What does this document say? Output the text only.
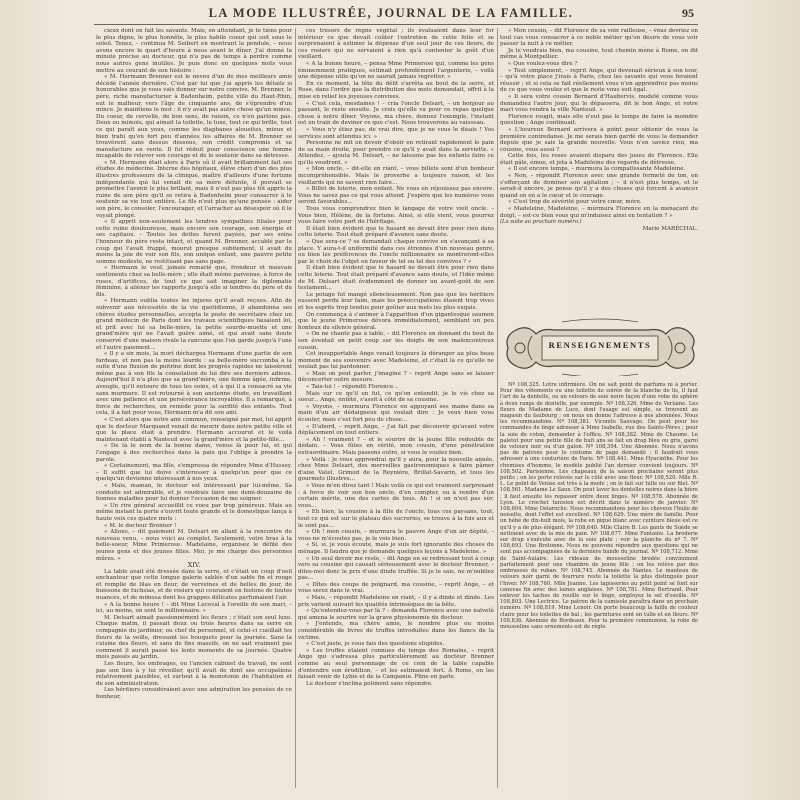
LA MODE ILLUSTRÉE, JOURNAL DE LA FAMILLE.	95

cieux dont on fait les savants. Mais, en attendant, je te tiens pour le plus digne, le plus honnête, le plus habile coeur qui soit sous le soleil. Tenez, – continua M. Seibert en montrant la pendule, – nous avons encore le quart d'heure à nous avant le dîner. J'ai donné la minute précise au docteur, qui n'a pas de temps à perdre comme nous autres gens inutiles. Je puis donc en quelques mots vous mettre au courant de son histoire :

« M. Hermann Brenner est le neveu d'un de mes meilleurs amis décédé l'année dernière. C'est par lui que j'ai appris les détails si honorables que je vous vais donner sur notre convive. M. Brenner, le père, riche manufacturier à Badenheim, petite ville du Haut-Rhin, eut le malheur, vers l'âge de cinquante ans, de s'éprendre d'un mince. Je maintiens le mot : il n'y avait pas autre chose qu'un mince. Du coeur, de cervelle, de bon sens, de raison, ce n'en parlons pas. Deux ou mimois, qui aimait la toilette, le luxe, tout ce qui brille, tout ce qui paraît aux yeux, comme les diaphanes alouettes, mieux et bien trahi qu'en fort peu d'années les affaires de M. Brenner se trouvèrent sans dessus dessous, son crédit compromis et sa manufacture en vente. Il fut réduit pour conscience une femme incapable de relever son courage et de le soutenir dans sa détresse.

« M. Hermann était alors à Paris où il avait brillamment fait ses études de médecine. Interne des hôpitaux, élève cheri d'un des plus illustres professeurs de la clinique, maître d'ailleurs d'une fortune indépendante qui lui venait de sa mère défunte, il pouvait se promettre l'avenir le plus brillant, mais il n'eut pas plus tôt appris la ruine de son père qu'il se retira à Badenheim pour consacrer à le soutenir sa vie tout entière. Le fils n'eut plus qu'une pensée : aider son père, le consoler, l'encourager, et l'arracher au désespoir où il le voyait plongé.

« Il apprit non-seulement les tendres sympathies filiales pour cette ruine douloureuse, mais encore son courage, son énergie et ses capitaux. – Toutes les dettes furent payées, par ses soins l'honneur du père resta intact, et quand M. Brenner, accablé par le coup qui l'avait frappé, mourut presque subitement, il avait du moins la joie de voir son fils, son unique enfant, une pauvre petite somme modeste, ne restituant pas sans gage.

« Hermann le veuf, jamais remarié que, frondeur et mauvais sentiments chez sa belle-mère ; elle était même parvenue, à force de ruses, d'artifices, de tout ce que sait imaginer la diplomatie féminine, à aliéner les rapports jusqu'à elle si tendres du père et du fils.

« Hermann oublia toutes les injures qu'il avait reçues. Afin de subvenir aux nécessités de la vie quotidienne, il abandonna ses chères études personnelles, accepta le poste de secrétaire chez un grand médecin de Paris dont les travaux scientifiques faisaient loi, et prit avec lui sa belle-mère, la petite sourde-muette et une grand'mère qui ne l'avait guère aimé, et qui avait sans doute conservé d'une maison rivale la rancune que l'on garde jusqu'à l'une et l'autre paiement...

« Il y a six mois, la mort déchargea Hermann d'une partie de son fardeau, et non pas la moins lourde : sa belle-mère succomba à la suite d'une fluxion de poitrine dont les progrès rapides ne laissèrent même pas à son fils la consolation de lui dire ses derniers adieux. Aujourd'hui il n'a plus que sa grand'mère, une femme âgée, infirme, aveugle, qu'il entoure de tous les soins, et à qui il a consacré sa vie sans murmure. Il est retourné à son ancienne étude, en travaillant avec une patience et une persévérance incroyables. Il a remarqué, à force de recherches, un remède pour la surdité des enfants. Tout cela, il a fait pour vous, Hermann m'a dit son ami.

« C'est alors que notre ami commun, renseigné par moi, lui apprit que le docteur Marquand venait de mourir dans notre petite ville et que la place était à prendre. Hermann accourut et le voilà maintenant établi à Nanteuil avec la grand'mère et la petite-fille...

« De là le nom de la bonne dame, venue là pour lui, et qui l'engage à des recherches dans la paix qui l'oblige à prendre la parole.

« Certainement, ma fille, s'empressa de répondre Mme d'Hussey. – Il suffit que lui doive s'intéresser à quelqu'un pour que ce quelqu'un devienne intéressant à nos yeux.

« Mais, maman, le docteur est intéressant par lui-même. Sa conduite est admirable, et je voudrais faire une demi-douzaine de bonnes maladies pour lui donner l'occasion de me soigner.

« Un rire général accueillit ce voeu par trop généreux. Mais au même instant la porte s'ouvrit toute grande et le domestique lança à haute voix ces quatre mots :

« M. le docteur Brenner !

« Allons, – dit gaiement M. Delsart en allant à la rencontre du nouveau venu, – nous voici au complet. Seulement, votre bras à la belle-soeur, Mme Primerose. Madelaine, organisez le défilé des jeunes gens et des jeunes filles. Moi, je me charge des personnes mûres. »

XIV.

La table avait été dressée dans la serre, et c'était un coup d'oeil enchanteur que cette longue galerie sablée d'un sable fin et rouge et remplie de lilas en fleur, de verveines et de belles de jour, de buissons de fuchsias, et de rosiers qui couraient en festons de toutes nuances, et de mimosa dont les grappes délicates parfumaient l'air.

« A la bonne heure ! – dit Mme Luceval à l'oreille de son mari, – ici, au moins, on sent le millionnaire. »

M. Delsart aimait passionnément les fleurs ; c'était son seul luxe. Chaque matin, il passait deux ou trois heures dans sa serre en compagnie du jardinier, ou chef du personnel, et celui-ci cueillait les fleurs de la veille, dressant les bouquets pour la journée. Sans la cuisine des fleurs, et sans de fins massifs, on ne sait vraiment pas comment il aurait passé les lents moments de sa journée. Quatre mois passés au jardin.

Les fleurs, les ombrages, ou l'ancien cabinet de travail, ne sont pas son lieu à y lui réveiller, qu'il avait de dont ses occupations relativement paisibles, et surtout à la monotonie de l'habitation et de son administration.

Les héritiers considéraient avec une admiration les pensées de ce bonheur,

ces trésors de régne végétal ; ils évaluaient dans leur for intérieur ce que devait coûter l'entretien de cette folie et se surprenaient à estimer la dépense d'un seul jour de ces fleurs, de ces rosiers qui ne servaient à rien qu'à contenter le goût d'un vieillard.

« A la bonne heure, – pensa Mme Primerose qui, comme les gens éminemment pratiques, estimait profondément l'argenterie, – voilà une dépense utile qu'on ne saurait jamais regretter. »

En ce moment, la tête du délit s'arrêta au bout de la serre, et Rose, dans l'ordre que la distribution des mets demandait, offrit à la mise en relief les joyeuses convives.

« C'est cela, mesdames ! – cria l'oncle Delsart, – un bonjour au passant, le reste ensuite. Je crois qu'elle va pour ce repas quelque chose à notre dîner. Voyons, ma chère, donnez l'exemple, l'instant est en train de deviner ce que c'est. Nous trouverons au vaisseau.

« Vous n'y étiez pas, de vrai dire, que je ne vous le disais ! Vos services sont attendus ici. »

Personne ne mit en devoir d'obéir en retirant rapidement le pain de sa main droite, pour prendre ce qu'il y avait dans la serviette. « Attendez, – ajouta M. Delsart, – ne laissons pas les enfants faire ce qu'ils voudront. »

« Mon oncle, – dit-elle en riant, – vous billets sont d'un bonheur incompréhensible. Mais le proverbe a toujours raison, et les vieillards qui ne savent rien faire...

« Billet de loterie, mon enfant. Ne vous en réjouissez pas encore. Vous ne savez pas ce qui vous attend. J'espère que les numéros vous seront favorables...

Tous vous comprendrez bien le langage de votre vieil oncle. – Vous bien, Hélène, de la fortune. Ainsi, si elle vient, vous pourrez vous faire votre part de l'héritage.

Il était bien évident que le hasard ne devait être pour rien dans cette loterie. Tout était préparé d'avance sans doute.

« Que sera-ce ? se demandait chaque convive en s'avançant à sa place. Y aura-t-il uniformité dans ces étrennes d'un nouveau genre, ou bien les préférences de l'oncle millionnaire se montreront-elles par le choix de l'objet en faveur de tel ou tel des convives ? »

Il était bien évident que le hasard ne devait être pour rien dans cette loterie. Tout était préparé d'avance sans doute, et l'idée même de M. Delsart était évidemment de donner un avant-goût de son testament...

Le potage fut mangé silencieusement. Non pas que les héritiers eussent perdu leur faim, mais les préoccupations étaient trop vives et les esprits trop tendus pour goûter aux mets les plus exquis.

On commença à s'animer à l'apparition d'un gigantesque saumon que le jeune Primerose dévora immédiatement, semblant un peu honteux du silence général.

« On ne chante pas à table, – dit Florence en donnant du bout de son éventail un petit coup sur les doigts de son malencontreux cousin.

Cet insupportable Ange venait toujours la déranger au plus beau moment de ses souvenirs avec Madeleine, et c'était là ce qu'elle ne voulait pas lui pardonner.

« Mais on peut parler, j'imagine ? – reprit Ange sans se laisser déconcerter outre mesure.

« Tais-toi ! – répondit Florence...

Mais sur ce qu'il en fut, ce qu'on entendit, je le vis chez sa soeur... Ange, entêté, s'assit à côté de sa cousine.

« Voyons, – murmura Florence en appuyant ses mains dans sa main d'un air dédaigneux qui voulait dire : Je veux bien vous écouter, mais c'est fort peu de chose...

« D'abord, – reprit Ange, – j'ai fait par découvrir qu'avant votre déplacement on tout entiers.

« Ah ! vraiment ? – et le sourire de la jeune fille redouble de dédain. – Vous fûtes en vérité, mon cousin, d'une pénétration extraordinaire. Mais passons outre, si vous le voulez bien.

« Voilà : je vous apprendrai qu'il y aura, pour la nouvelle année, chez Mme Delsart, des merveilles gastronomiques à faire pâmer d'aise Vatel, Grimod de la Reynière, Brillat-Savarin, et tous les gourmets illustres...

« Vous m'en direz tant ! Mais voilà ce qui est vraiment surprenant : à force de voir son bon oncle, d'en compter, ou à rendre d'un certain mérite, une des cartes de tous. Ah ! si on n'est pas sûr, vous...

« Eh bien, la cousine à la fille de l'oncle, tous ces paysans, tout, tout ce qui est sur le plateau des sucreries, se trouve à la fois aux et le sont pas...

« Oh ! mon cousin, – murmura le pauvre Ange d'un air dépité, – vous ne m'écoutez pas, je le vois bien.

« Si, si, je vous écoute, mais je suis fort ignorante des choses du ménage. Il faudra que je demande quelques leçons à Madeleine. »

« Un seul devoir me reste, – dit Ange en se redressant tout à coup vers sa cousine qui causait sérieusement avec le docteur Brenner, – dites-moi donc le prix d'une dinde truffée. Si je le sais, ne m'oubliez pas...

« Dîtes des coups de poignard, ma cousine, – reprit Ange, – et vous serez dans le vrai.

« Mais, – répondit Madeleine en riant, – il y a dinde et dinde. Les prix varient suivant les qualités intrinsèques de la bête.

« Qu'entendez-vous par là ? – demanda Florence avec une naïveté qui amena le sourire sur la grave physionomie du docteur.

« J'entends, ma chère amie, le nombre plus ou moins considérable de livres de truffes introduites dans les flancs de la victime.

« C'est juste, je vous fais des questions stupides.

« Les truffes étaient connues du temps des Romains, – reprit Ange qui s'adressa plus particulièrement au docteur Brenner comme au seul personnage de ce coin de la table capable d'entendre son érudition, – et les estimaient fort. À Rome, on les faisait venir de Lybie et de la Campanie. Pline en parle.

Le docteur s'inclina poliment sans répondre.

« Mon cousin, – dit Florence de sa voix railleuse, – vous devriez en tout cas vous consacrer à ce noble métier qu'on désire de vous voir passer la nuit à ce métier.

Je le voudrais bien, ma cousine, tout chemin mène à Rome, on dit même à Montpellier.

« Que voulez-vous dire ?

« Tout simplement, – reprit Ange, qui devenait sérieux à son tour, – qu'à votre place j'irais à Paris, chez les savants qui vous feraient réussir ; et si cela se fait réellement vous n'en apprendrez pas moins de ce que vous voulez et que le reste vous soit égal.

« Il sera votre cousin Bernard d'Haubervis, modelé comme vous demandiez l'autre jour, qui le dépassera, dit le bon Ange, et votre mari vous rendra la ville Nanteuil. »

Florence rougit, mais elle n'eut pas le temps de faire la moindre question ; Ange continuait.

« L'heureux Bernard arrivera à point pour obtenir de vous la première contredanse. Je me serais bien gardé de vous la demander depuis que je sais la grande nouvelle. Vous n'en saviez rien, ma cousine, vous aussi ?

Cette fois, les roses avaient disparu des joues de Florence. Elle était pâle, émue, et jeta à Madeleine des regards de détresse.

« Il est encore temps, – murmura la compatissante Madeleine.

« Non, – répondit Florence avec une grande fermeté de ton, en s'efforçant de dominer son agitation ; – il n'est plus temps, et le serait-il encore, je pense qu'il y a des choses qui forcent à avancer quand on en a le cœur et le courage.

« C'est trop de sévérité pour votre cœur, mère.

« Madeleine, Madeleine, – murmura Florence en la menaçant du doigt, – est-ce bien vous qui m'induisez ainsi en tentation ? »

(La suite au prochain numéro.)

Marie MARÉCHAL.

RENSEIGNEMENTS

Nº 108,325. Lotre infirmière. On ne sait point de parfums ni à porter. Pour des vêtements ou une toilette de soirée de la blanche de lis, il faut l'art de la dentelle, ou un velours de soie noire façon d'une robe de sphère à deux rangs de dentelle, par exemple. Nº 108,326. Mme de Verlaine. Les fleurs de Madame de Luce, dont l'usage est simple, se trouvent au magasin du faubourg ; on nous en donne l'adresse à nos abonnées. Nous les recommandons. Nº 108,381. Vicomte Sauvage. On peut pour les commandes de linge adresser à Mme Isabelle, rue des Saints-Pères ; pour la soie de coton, demander à l'office. Nº 108,382. Mme de Chaume. Le paletot pour une petite fille de huit ans se fait en drap bleu ou gris, garni de velours noir ou d'un galon. Nº 108,394. Une Abonnée. Nous n'avons pas de patrons pour le costume de page demandé ; il faudrait vous adresser à une couturière de Paris. Nº 108,441. Mme Hyacinthe. Pour les chemises d'homme, le modèle publié l'an dernier convient toujours. Nº 108,502. Parisienne. Les chapeaux de la saison prochaine seront plus petits ; on les porte relevés sur le côté avec une fleur. Nº 108,520. Mlle R. L. Le point de Venise est très à la mode ; on le fait sur tulle ou sur filet. Nº 108,561. Madame Le Saux. On peut laver les dentelles noires dans la bière ; il faut ensuite les repasser entre deux linges. Nº 108,578. Abonnée de Lyon. Le crochet tunisien est décrit dans le numéro de janvier. Nº 108,604. Mme Delaroche. Nous recommandons pour les cheveux l'huile de noisette, dont l'effet est excellent. Nº 108,629. Une mère de famille. Pour un bébé de dix-huit mois, la robe en piqué blanc avec ceinture bleue est ce qu'il y a de plus élégant. Nº 108,640. Mlle Claire B. Les gants de Suède se nettoient avec de la mie de pain. Nº 108,677. Mme Fontaine. La broderie sur drap s'exécute avec de la soie plate ; voir la planche du nº 7. Nº 108,693. Une Bretonne. Nous ne pouvons répondre aux questions qui ne sont pas accompagnées de la dernière bande du journal. Nº 108,712. Mme de Saint-Aulaire. Les rideaux de mousseline brodée conviennent parfaitement pour une chambre de jeune fille ; on les relève par des embrasses de ruban. Nº 108,745. Abonnée de Nantes. Le manteau de velours noir garni de fourrure reste la toilette la plus distinguée pour l'hiver. Nº 108,760. Mlle Jeanne. Les tapisseries au petit point se font sur canevas fin avec des laines anglaises. Nº 108,781. Mme Bertrand. Pour enlever les taches de rouille sur le linge, employez le sel d'oseille. Nº 108,803. Une Lectrice. Le patron de la camisole paraîtra dans un prochain numéro. Nº 108,819. Mme Lenoir. On porte beaucoup la faille de couleur claire pour les toilettes de bal ; les garnitures sont en tulle et en fleurs. Nº 108,836. Abonnée de Bordeaux. Pour la première communion, la robe de mousseline sans ornements est de règle.
